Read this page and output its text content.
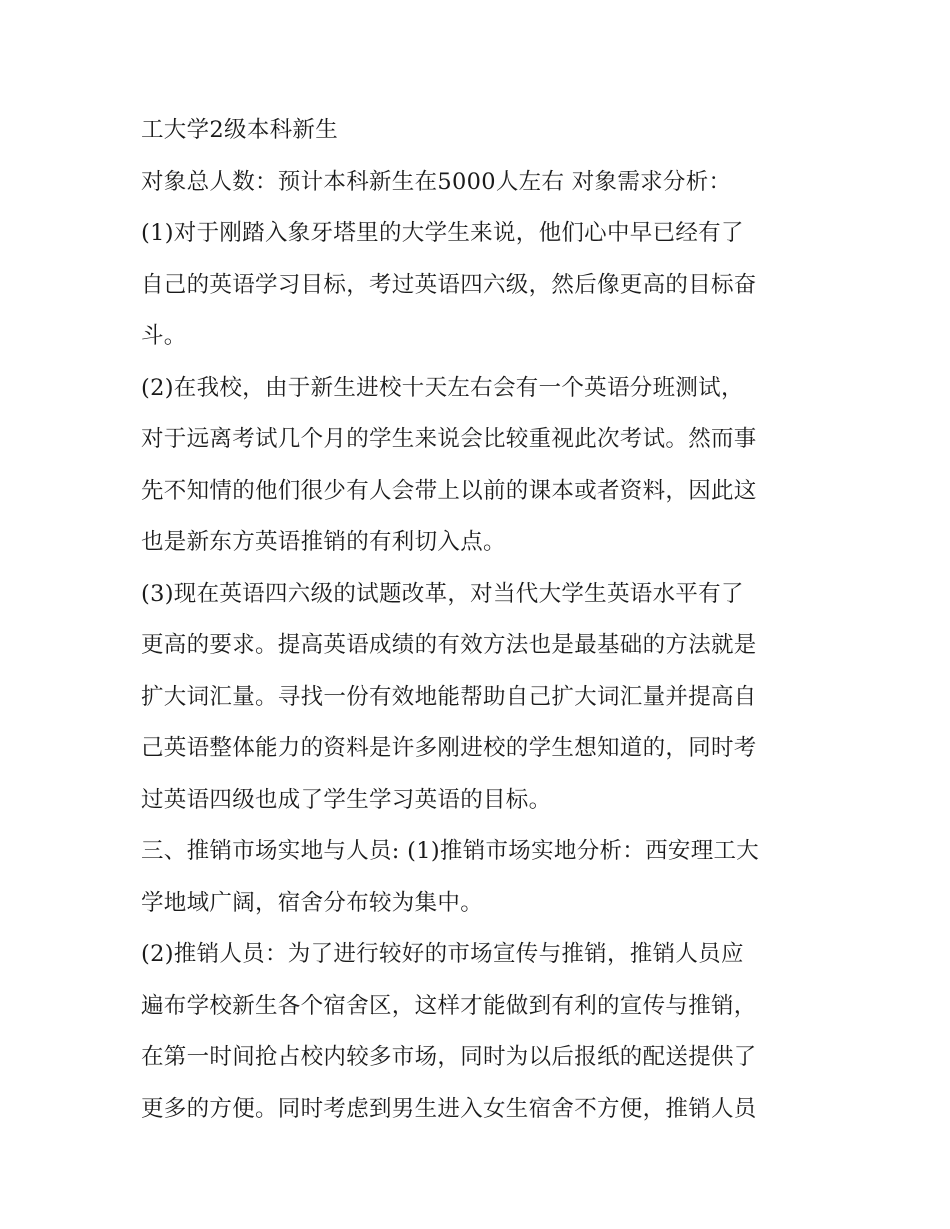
工大学2级本科新生
对象总人数：预计本科新生在5000人左右 对象需求分析：
(1)对于刚踏入象牙塔里的大学生来说，他们心中早已经有了
自己的英语学习目标，考过英语四六级，然后像更高的目标奋
斗。
(2)在我校，由于新生进校十天左右会有一个英语分班测试，
对于远离考试几个月的学生来说会比较重视此次考试。然而事
先不知情的他们很少有人会带上以前的课本或者资料，因此这
也是新东方英语推销的有利切入点。
(3)现在英语四六级的试题改革，对当代大学生英语水平有了
更高的要求。提高英语成绩的有效方法也是最基础的方法就是
扩大词汇量。寻找一份有效地能帮助自己扩大词汇量并提高自
己英语整体能力的资料是许多刚进校的学生想知道的，同时考
过英语四级也成了学生学习英语的目标。
三、推销市场实地与人员: (1)推销市场实地分析：西安理工大
学地域广阔，宿舍分布较为集中。
(2)推销人员：为了进行较好的市场宣传与推销，推销人员应
遍布学校新生各个宿舍区，这样才能做到有利的宣传与推销，
在第一时间抢占校内较多市场，同时为以后报纸的配送提供了
更多的方便。同时考虑到男生进入女生宿舍不方便，推销人员
